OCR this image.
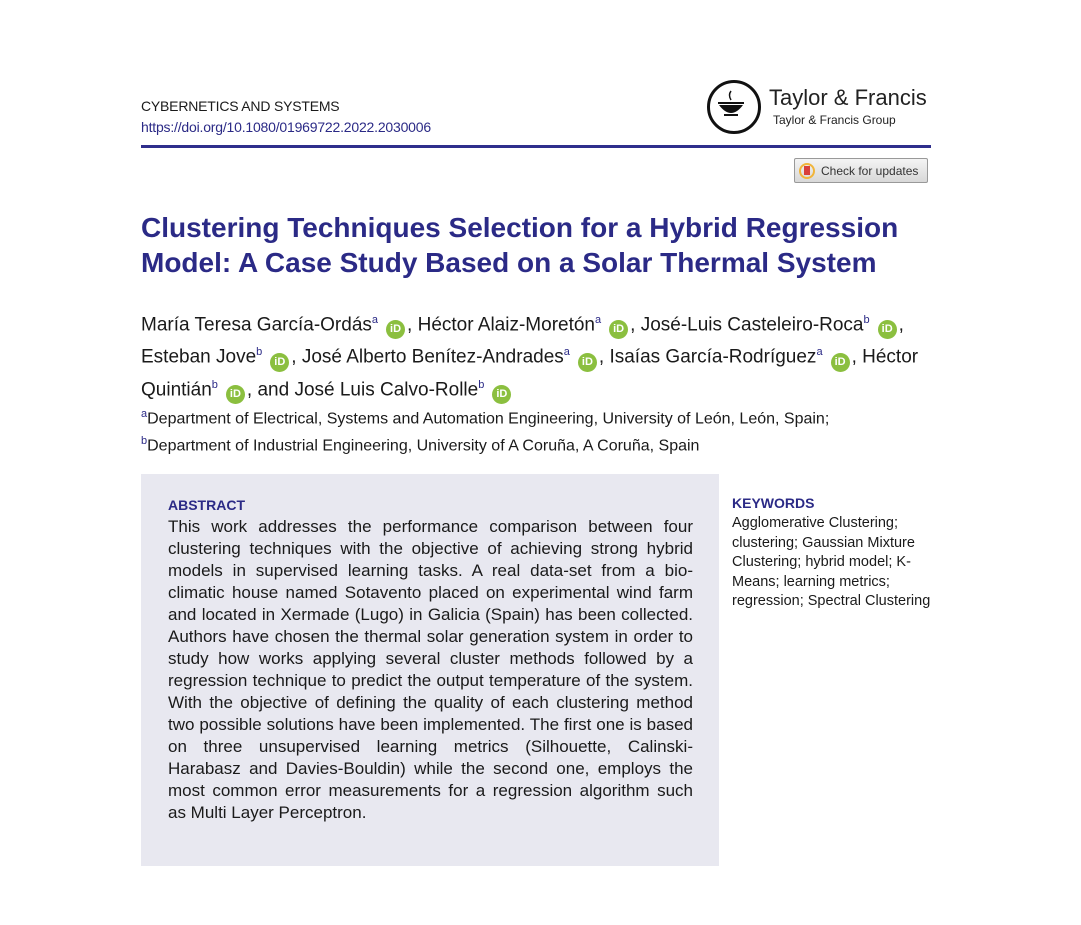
CYBERNETICS AND SYSTEMS
https://doi.org/10.1080/01969722.2022.2030006
Taylor & Francis
Taylor & Francis Group
Check for updates
Clustering Techniques Selection for a Hybrid Regression Model: A Case Study Based on a Solar Thermal System
María Teresa García-Ordás$^a$iD , Héctor Alaiz-Moretón$^a$iD , José-Luis Casteleiro-Roca$^b$iD , Esteban Jove$^b$iD , José Alberto Benítez-Andrades$^a$iD , Isaías García-Rodríguez$^a$iD , Héctor Quintián$^b$iD , and José Luis Calvo-Rolle$^b$iD
$^a$Department of Electrical, Systems and Automation Engineering, University of León, León, Spain;
$^b$Department of Industrial Engineering, University of A Coruña, A Coruña, Spain
ABSTRACT
This work addresses the performance comparison between four clustering techniques with the objective of achieving strong hybrid models in supervised learning tasks. A real data-set from a bio-climatic house named Sotavento placed on experimental wind farm and located in Xermade (Lugo) in Galicia (Spain) has been collected. Authors have chosen the thermal solar generation system in order to study how works applying several cluster methods followed by a regression technique to predict the output temperature of the system. With the objective of defining the quality of each clustering method two possible solutions have been implemented. The first one is based on three unsupervised learning metrics (Silhouette, Calinski-Harabasz and Davies-Bouldin) while the second one, employs the most common error measurements for a regression algorithm such as Multi Layer Perceptron.
KEYWORDS
Agglomerative Clustering; clustering; Gaussian Mixture Clustering; hybrid model; K-Means; learning metrics; regression; Spectral Clustering
